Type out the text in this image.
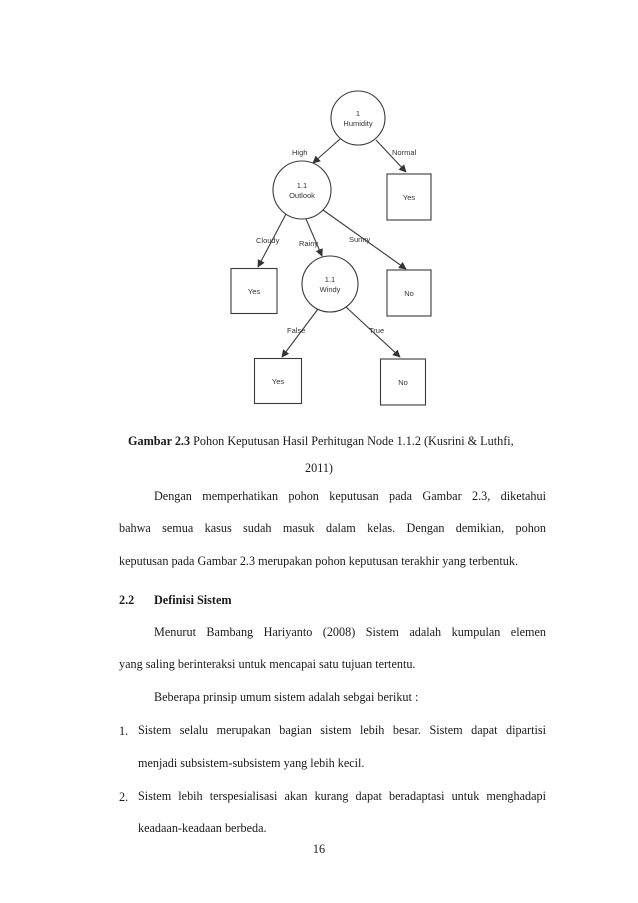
High	Normal
Cloudy	Rainy	Sunny
False	True
1
Humidity
1.1
Outlook	Yes
Yes
1.1
Windy	No
Yes	No
Gambar 2.3 Pohon Keputusan Hasil Perhitugan Node 1.1.2 (Kusrini & Luthfi,
2011)
Dengan memperhatikan pohon keputusan pada Gambar 2.3, diketahui
bahwa semua kasus sudah masuk dalam kelas. Dengan demikian, pohon
keputusan pada Gambar 2.3 merupakan pohon keputusan terakhir yang terbentuk.
2.2 Definisi Sistem
Menurut Bambang Hariyanto (2008) Sistem adalah kumpulan elemen
yang saling berinteraksi untuk mencapai satu tujuan tertentu.
Beberapa prinsip umum sistem adalah sebgai berikut :
1. Sistem selalu merupakan bagian sistem lebih besar. Sistem dapat dipartisi
menjadi subsistem-subsistem yang lebih kecil.
2. Sistem lebih terspesialisasi akan kurang dapat beradaptasi untuk menghadapi
keadaan-keadaan berbeda.
16
